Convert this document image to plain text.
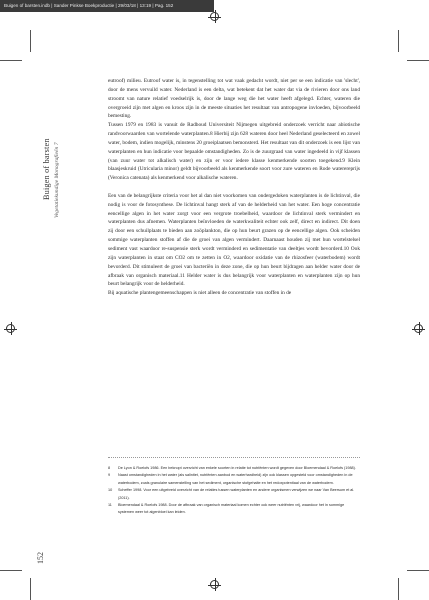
Buigen of barsten.indb | Sander Pinkse Boekproductie | 29/03/18 | 13:19 | Pag. 152
Buigen of barsten Vegetatiekundige Monografieën 7
152

eutroof) milieu. Eutroof water is, in tegenstelling tot wat vaak gedacht wordt, niet per se een indicatie van 'slecht', door de mens vervuild water. Nederland is een delta, wat betekent dat het water dat via de rivieren door ons land stroomt van nature relatief voedselrijk is, door de lange weg die het water heeft afgelegd. Echter, wateren die overgroeid zijn met algen en kroos zijn in de meeste situaties het resultaat van antropogene invloeden, bijvoorbeeld bemesting.

Tussen 1979 en 1983 is vanuit de Radboud Universiteit Nijmegen uitgebreid onderzoek verricht naar abiotische randvoorwaarden van wortelende waterplanten.8 Hierbij zijn 628 wateren door heel Nederland geselecteerd en zowel water, bodem, indien mogelijk, minstens 20 groeiplaatsen bemonsterd. Het resultaat van dit onderzoek is een lijst van waterplanten en hun indicatie voor bepaalde omstandigheden. Zo is de zuurgraad van water ingedeeld in vijf klassen (van zuur water tot alkalisch water) en zijn er voor iedere klasse kenmerkende soorten toegekend.9 Klein blaasjeskruid (Utricularia minor) geldt bijvoorbeeld als kenmerkende soort voor zure wateren en Rode waterereprijs (Veronica catenata) als kenmerkend voor alkalische wateren.

Een van de belangrijkste criteria voor het al dan niet voorkomen van ondergedoken waterplanten is de lichtinval, die nodig is voor de fotosynthese. De lichtinval hangt sterk af van de helderheid van het water. Een hoge concentratie eencellige algen in het water zorgt voor een vergrote troebelheid, waardoor de lichtinval sterk vermindert en waterplanten dus afnemen. Waterplanten beïnvloeden de waterkwaliteit echter ook zelf, direct en indirect. Dit doen zij door een schuilplaats te bieden aan zoöplankton, die op hun beurt grazen op de eencellige algen. Ook scheiden sommige waterplanten stoffen af die de groei van algen vermindert. Daarnaast houden zij met hun wortelstelsel sediment vast waardoor re-suspensie sterk wordt verminderd en sedimentatie van deeltjes wordt bevorderd.10 Ook zijn waterplanten in staat om CO2 om te zetten in O2, waardoor oxidatie van de rhizosfeer (waterbodem) wordt bevorderd. Dit stimuleert de groei van bacteriën in deze zone, die op hun beurt bijdragen aan helder water door de afbraak van organisch materiaal.11 Helder water is dus belangrijk voor waterplanten en waterplanten zijn op hun beurt belangrijk voor de helderheid.

Bij aquatische plantengemeenschappen is niet alleen de concentratie van stoffen in de

8	De Lyon & Roelofs 1986. Een beknopt overzicht van enkele soorten in relatie tot nutriënten wordt gegeven door Bloemendaal & Roelofs (1988).
9	Naast omstandigheden in het water (als salinitet, nutriënten aanbod en waterhardheid) zijn ook klassen opgesteld voor omstandigheden in de waterbodem, zoals granulaire samenstelling van het sediment, organische stofgehalte en het redoxpotentiaal van de waterbodem.
10	Scheffer 1998. Voor een uitgebreid overzicht van de relaties tussen waterplanten en andere organismen verwijzen we naar Van Beersum et al. (2011).
11	Bloemendaal & Roelofs 1988. Door de afbraak van organisch materiaal komen echter ook weer nutriënten vrij, waardoor het in sommige systemen weer tot algenbloei kan leiden.
